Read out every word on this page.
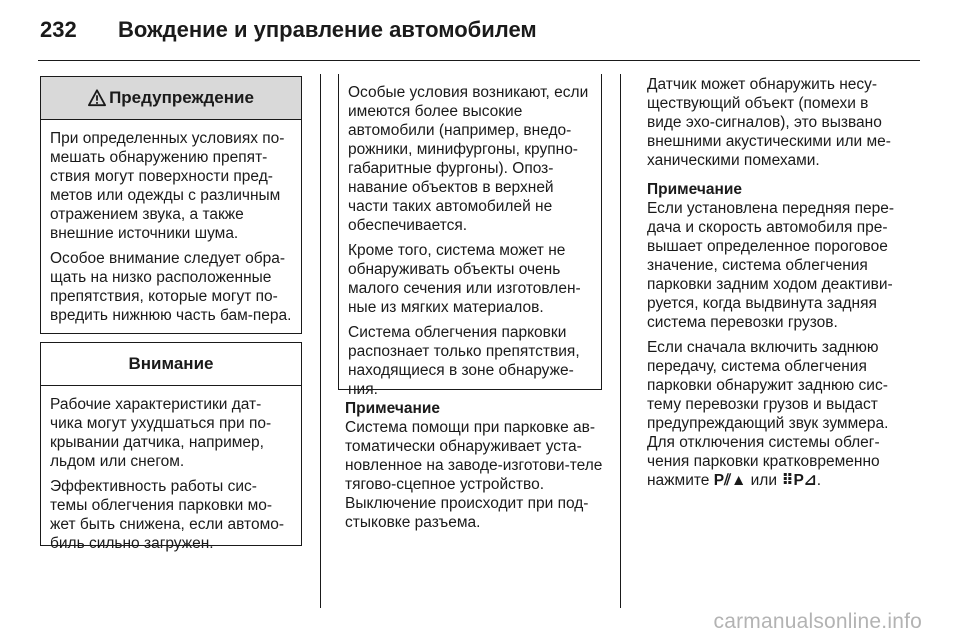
232	Вождение и управление автомобилем
Предупреждение

При определенных условиях по-мешать обнаружению препят-ствия могут поверхности пред-метов или одежды с различным отражением звука, а также внешние источники шума.

Особое внимание следует обра-щать на низко расположенные препятствия, которые могут по-вредить нижнюю часть бам-пера.

Внимание

Рабочие характеристики дат-чика могут ухудшаться при по-крывании датчика, например, льдом или снегом.

Эффективность работы сис-темы облегчения парковки мо-жет быть снижена, если автомо-биль сильно загружен.

Особые условия возникают, если имеются более высокие автомобили (например, внедо-рожники, минифургоны, крупно-габаритные фургоны). Опоз-навание объектов в верхней части таких автомобилей не обеспечивается.

Кроме того, система может не обнаруживать объекты очень малого сечения или изготовлен-ные из мягких материалов.

Система облегчения парковки распознает только препятствия, находящиеся в зоне обнаруже-ния.

Примечание

Система помощи при парковке ав-томатически обнаруживает уста-новленное на заводе-изготови-теле тягово-сцепное устройство. Выключение происходит при под-стыковке разъема.

Датчик может обнаружить несу-ществующий объект (помехи в виде эхо-сигналов), это вызвано внешними акустическими или ме-ханическими помехами.

Примечание

Если установлена передняя пере-дача и скорость автомобиля пре-вышает определенное пороговое значение, система облегчения парковки задним ходом деактиви-руется, когда выдвинута задняя система перевозки грузов.

Если сначала включить заднюю передачу, система облегчения парковки обнаружит заднюю сис-тему перевозки грузов и выдаст предупреждающий звук зуммера. Для отключения системы облег-чения парковки кратковременно нажмите P⫽▲ или ⠿P⊿.

carmanualsonline.info
